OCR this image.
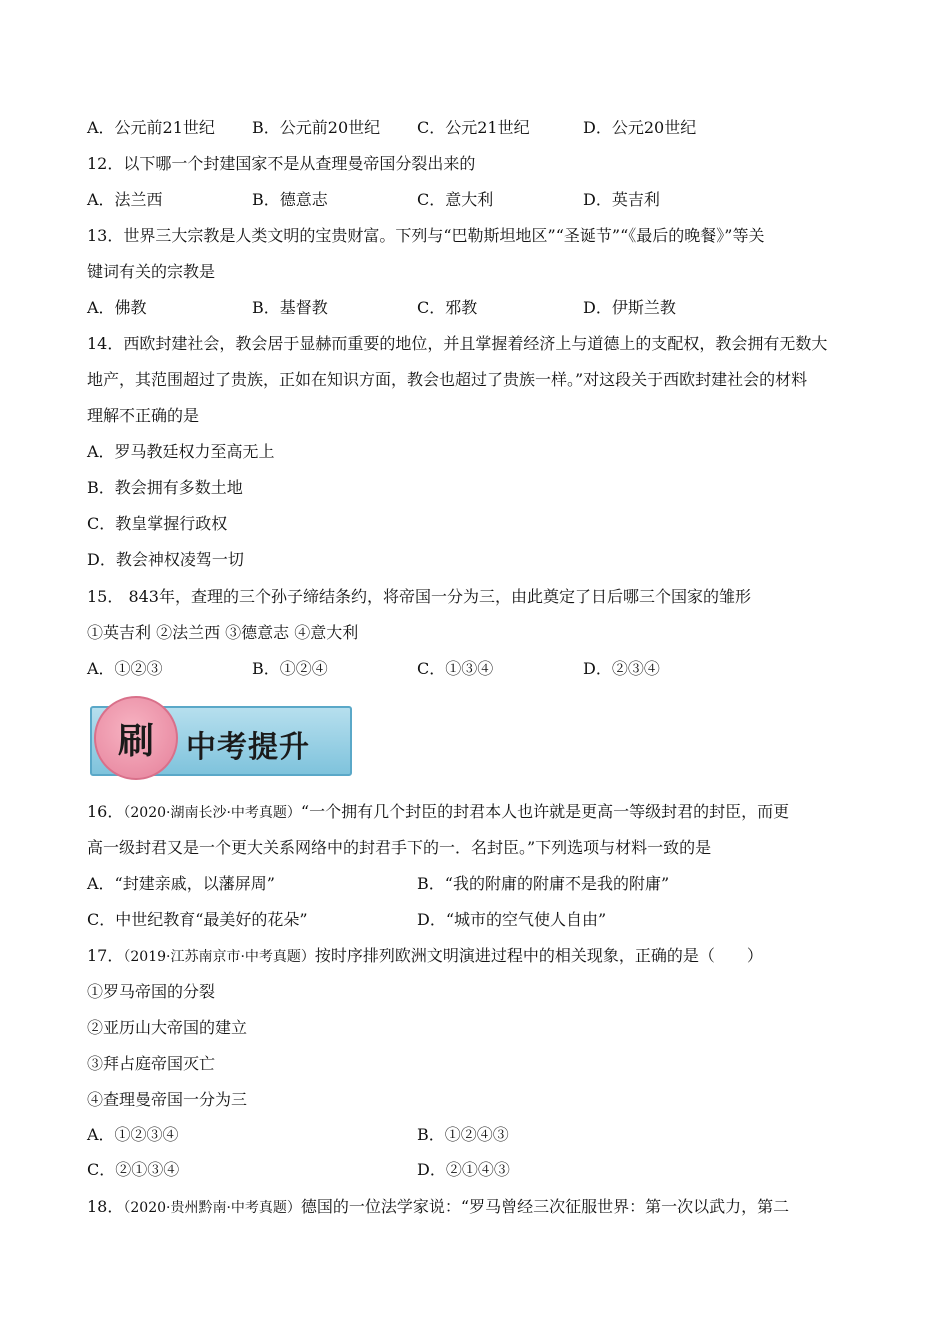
A．公元前21世纪 B．公元前20世纪 C．公元21世纪	D．公元20世纪
12．以下哪一个封建国家不是从查理曼帝国分裂出来的
A．法兰西	B．德意志	C．意大利	D．英吉利
13．世界三大宗教是人类文明的宝贵财富。下列与“巴勒斯坦地区”“圣诞节”“《最后的晚餐》”等关
键词有关的宗教是
A．佛教	B．基督教	C．邪教	D．伊斯兰教
14．西欧封建社会，教会居于显赫而重要的地位，并且掌握着经济上与道德上的支配权，教会拥有无数大
地产，其范围超过了贵族，正如在知识方面，教会也超过了贵族一样。”对这段关于西欧封建社会的材料
理解不正确的是
A．罗马教廷权力至高无上
B．教会拥有多数土地
C．教皇掌握行政权
D．教会神权凌驾一切
15． 843年，查理的三个孙子缔结条约，将帝国一分为三，由此奠定了日后哪三个国家的雏形
①英吉利 ②法兰西 ③德意志 ④意大利
A．①②③	B．①②④	C．①③④	D．②③④
刷	中考提升
16．（2020·湖南长沙·中考真题）“一个拥有几个封臣的封君本人也许就是更高一等级封君的封臣，而更
高一级封君又是一个更大关系网络中的封君手下的一．名封臣。”下列选项与材料一致的是
A．“封建亲戚，以藩屏周”	B．“我的附庸的附庸不是我的附庸”
C．中世纪教育“最美好的花朵”	D．“城市的空气使人自由”
17．（2019·江苏南京市·中考真题）按时序排列欧洲文明演进过程中的相关现象，正确的是（　　）
①罗马帝国的分裂
②亚历山大帝国的建立
③拜占庭帝国灭亡
④查理曼帝国一分为三
A．①②③④	B．①②④③
C．②①③④	D．②①④③
18．（2020·贵州黔南·中考真题）德国的一位法学家说：“罗马曾经三次征服世界：第一次以武力，第二
